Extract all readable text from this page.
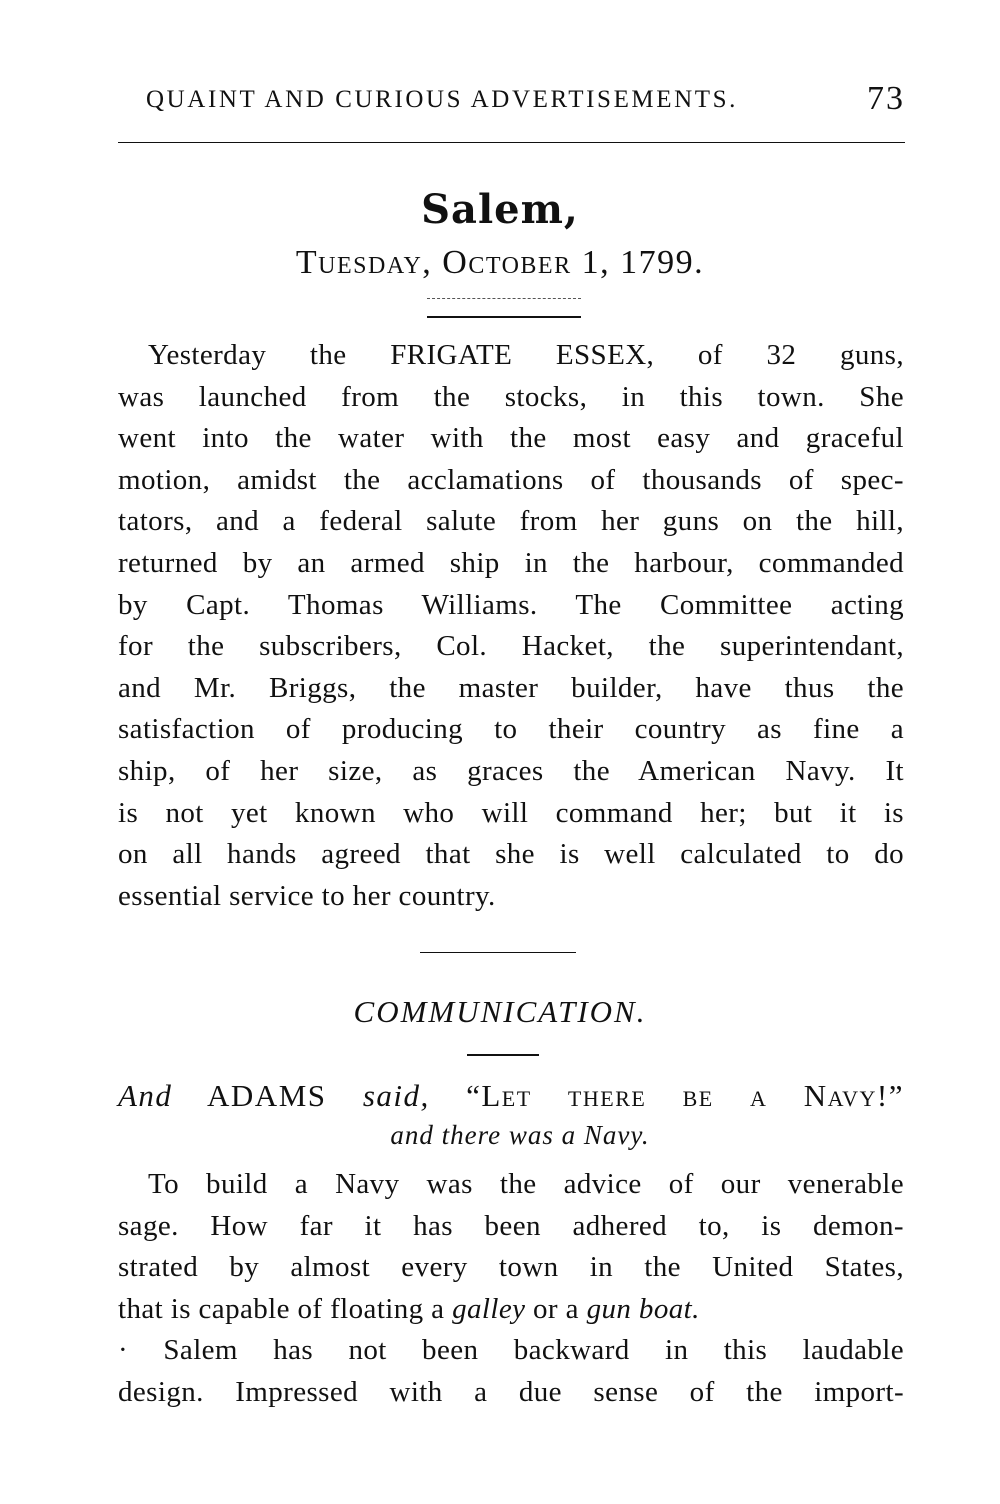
QUAINT AND CURIOUS ADVERTISEMENTS.	73
Salem,
Tuesday, October 1, 1799.
Yesterday the FRIGATE ESSEX, of 32 guns,
was launched from the stocks, in this town. She
went into the water with the most easy and graceful
motion, amidst the acclamations of thousands of spec-
tators, and a federal salute from her guns on the hill,
returned by an armed ship in the harbour, commanded
by Capt. Thomas Williams. The Committee acting
for the subscribers, Col. Hacket, the superintendant,
and Mr. Briggs, the master builder, have thus the
satisfaction of producing to their country as fine a
ship, of her size, as graces the American Navy. It
is not yet known who will command her; but it is
on all hands agreed that she is well calculated to do
essential service to her country.
COMMUNICATION.
And ADAMS said, “Let there be a Navy!”
and there was a Navy.
To build a Navy was the advice of our venerable
sage. How far it has been adhered to, is demon-
strated by almost every town in the United States,
that is capable of floating a galley or a gun boat.
· Salem has not been backward in this laudable
design. Impressed with a due sense of the import-
